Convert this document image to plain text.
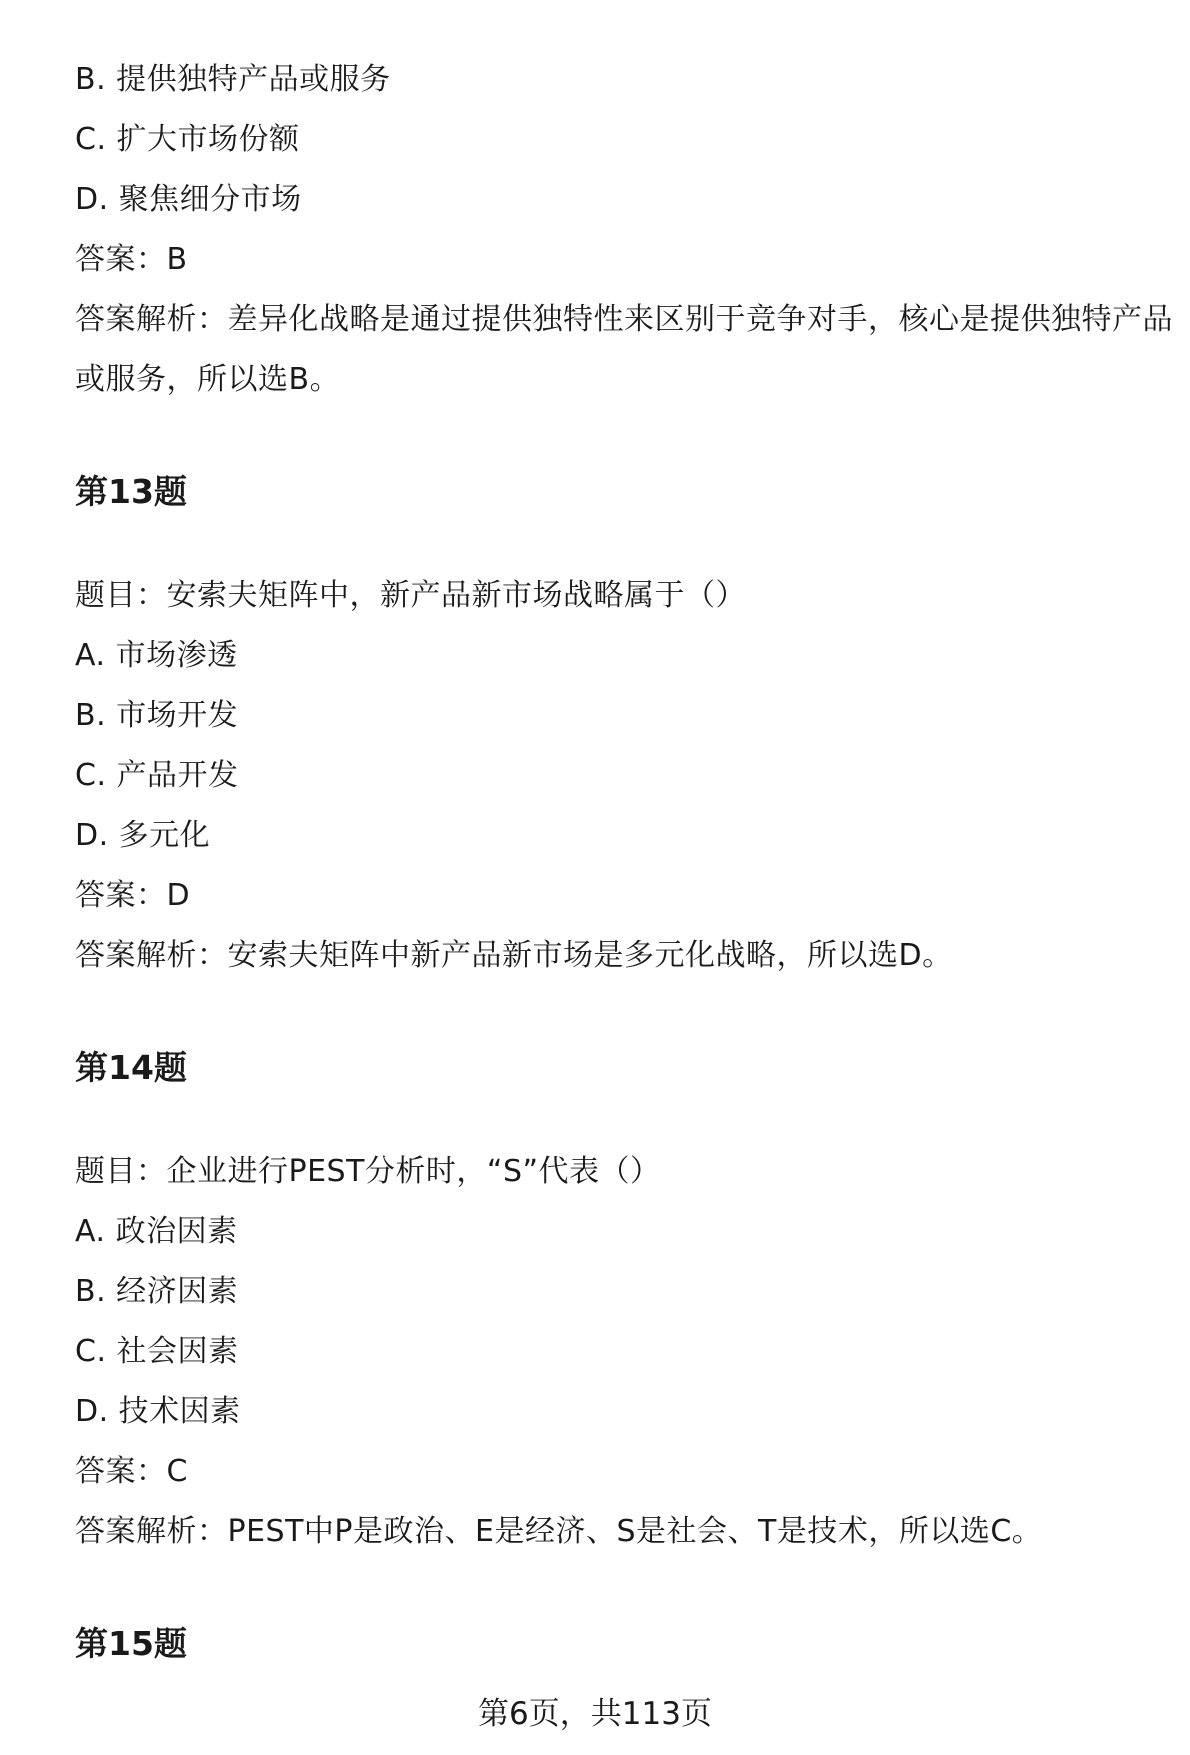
B. 提供独特产品或服务
C. 扩大市场份额
D. 聚焦细分市场
答案：B
答案解析：差异化战略是通过提供独特性来区别于竞争对手，核心是提供独特产品
或服务，所以选B。
第13题
题目：安索夫矩阵中，新产品新市场战略属于（）
A. 市场渗透
B. 市场开发
C. 产品开发
D. 多元化
答案：D
答案解析：安索夫矩阵中新产品新市场是多元化战略，所以选D。
第14题
题目：企业进行PEST分析时，“S”代表（）
A. 政治因素
B. 经济因素
C. 社会因素
D. 技术因素
答案：C
答案解析：PEST中P是政治、E是经济、S是社会、T是技术，所以选C。
第15题
第6页，共113页
